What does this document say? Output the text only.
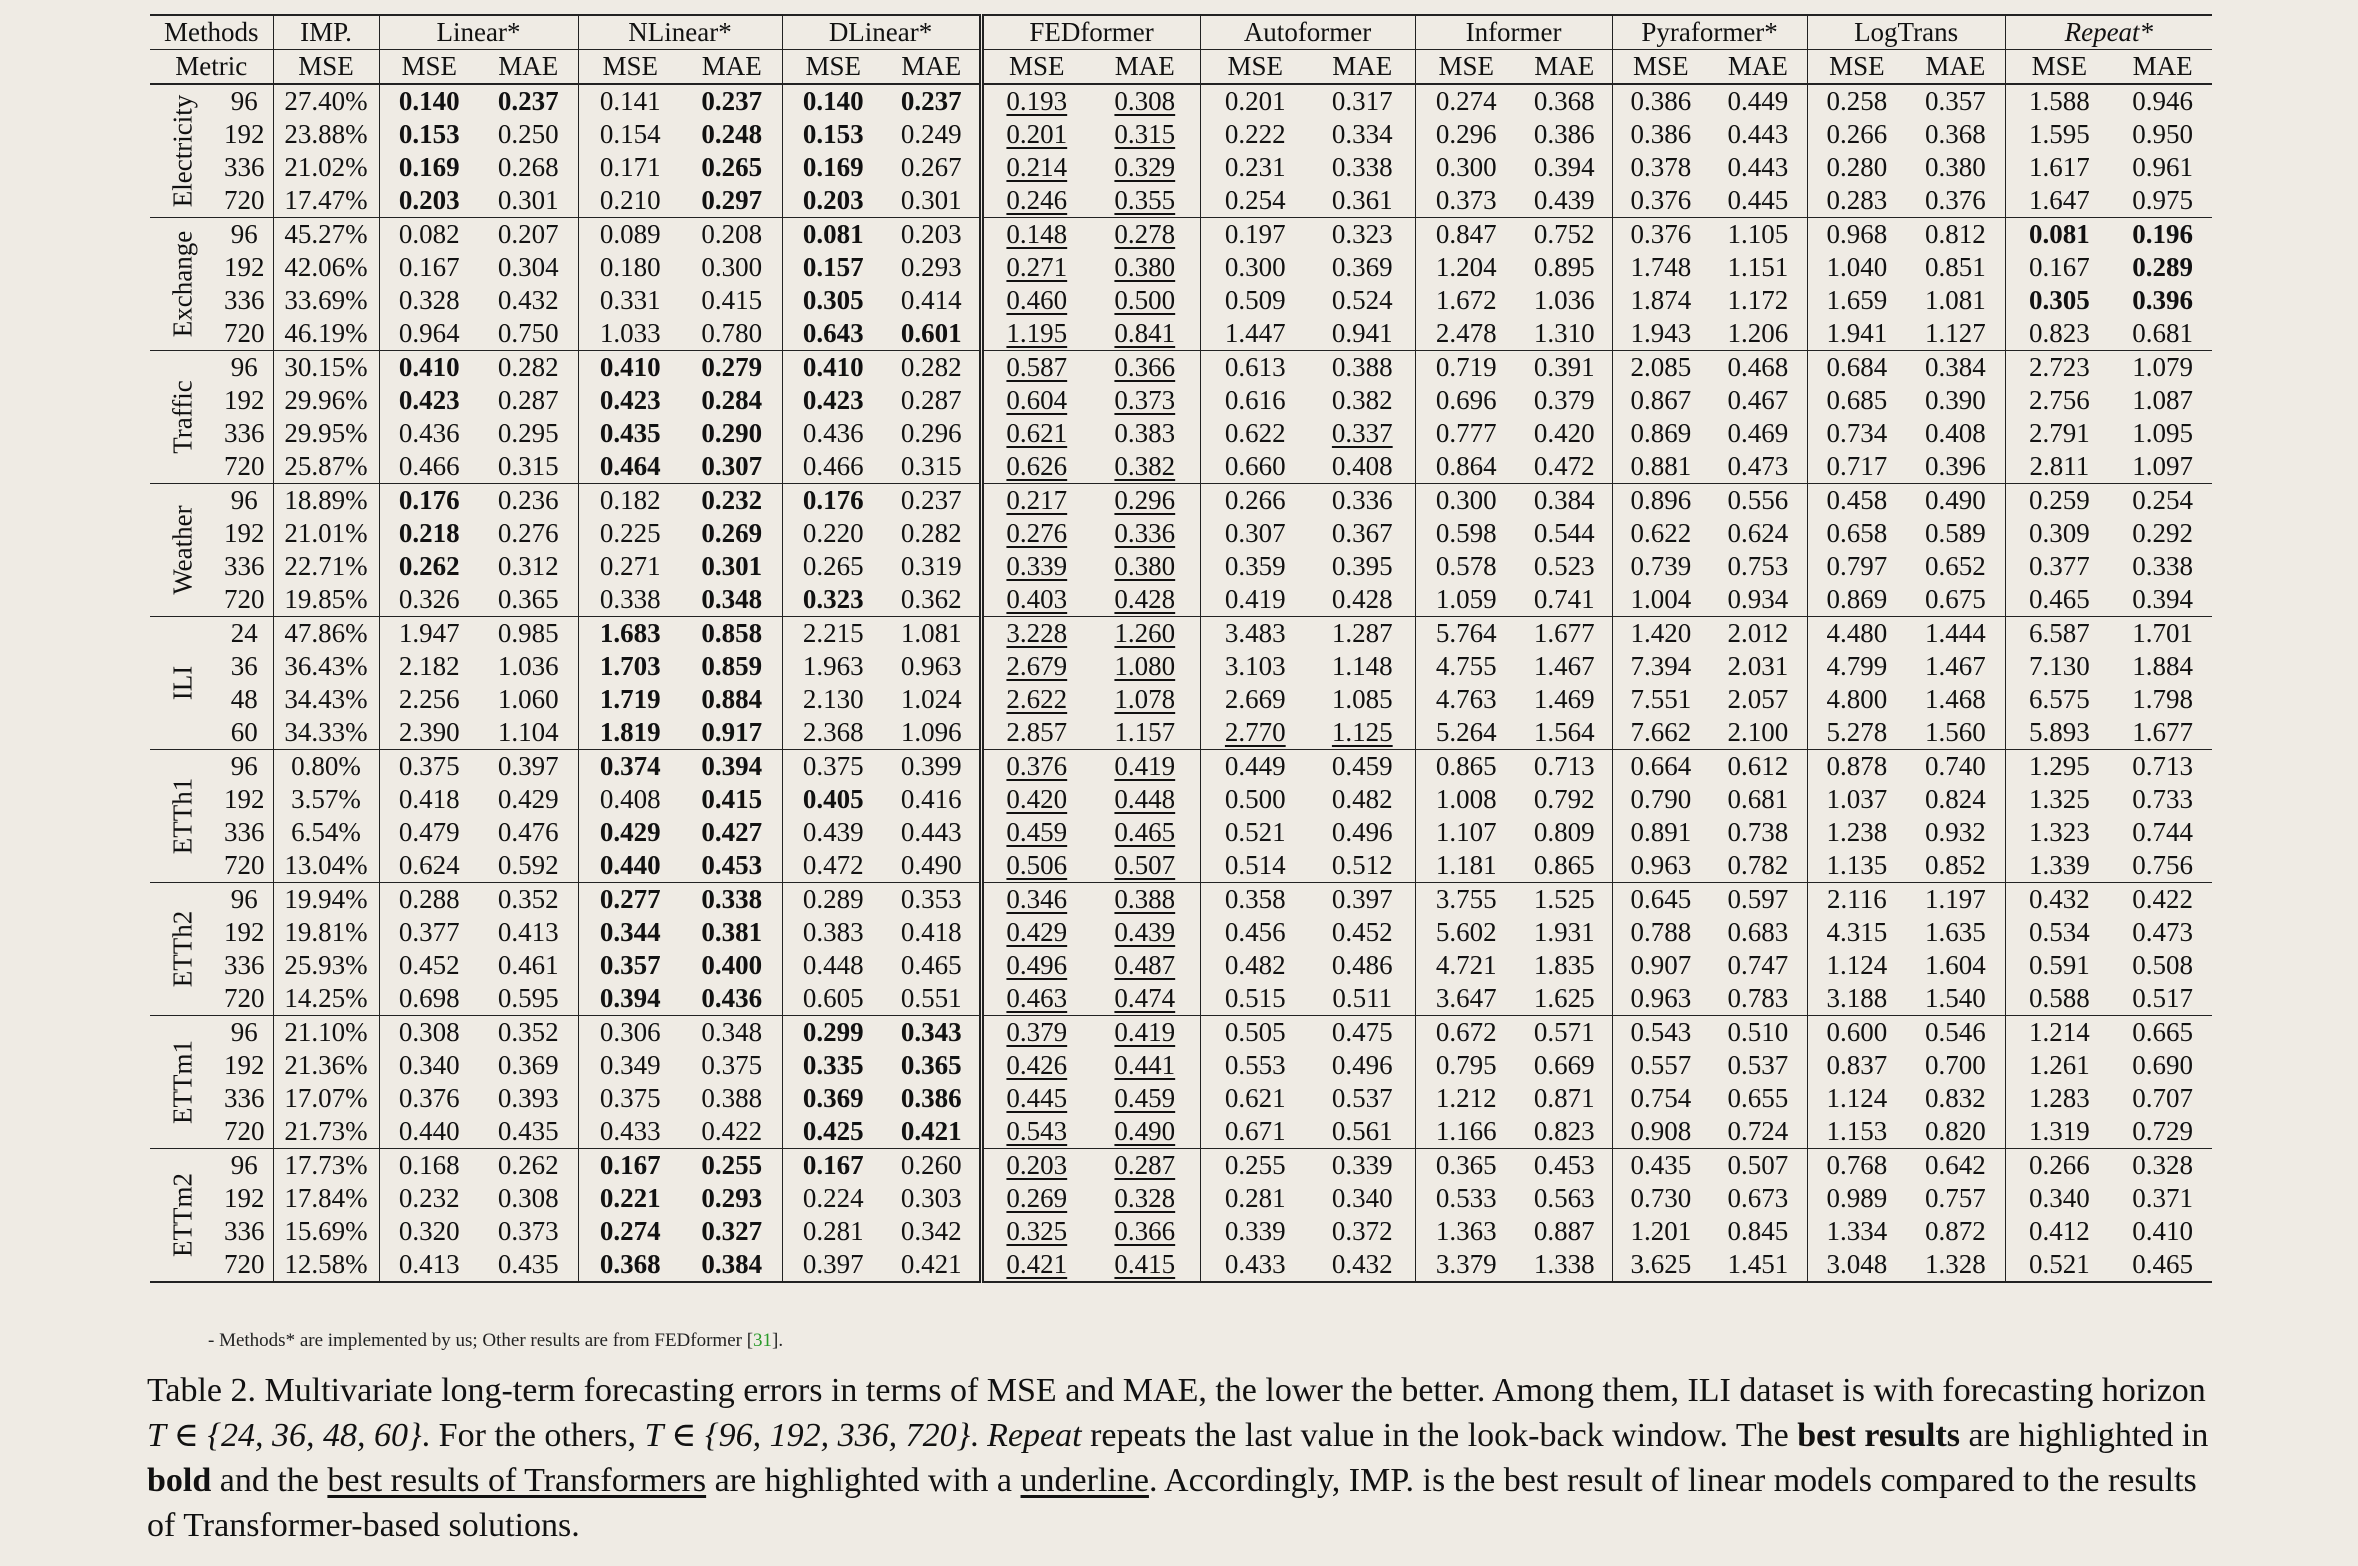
Methods		IMP.	Linear*		NLinear*		DLinear*		FEDformer		Autoformer		Informer		Pyraformer*		LogTrans		Repeat*	
Metric		MSE	MSE	MAE	MSE	MAE	MSE	MAE	MSE	MAE	MSE	MAE	MSE	MAE	MSE	MAE	MSE	MAE	MSE	MAE

Electricity	96	27.40%	0.140	0.237	0.141	0.237	0.140	0.237	0.193	0.308	0.201	0.317	0.274	0.368	0.386	0.449	0.258	0.357	1.588	0.946
	192	23.88%	0.153	0.250	0.154	0.248	0.153	0.249	0.201	0.315	0.222	0.334	0.296	0.386	0.386	0.443	0.266	0.368	1.595	0.950
	336	21.02%	0.169	0.268	0.171	0.265	0.169	0.267	0.214	0.329	0.231	0.338	0.300	0.394	0.378	0.443	0.280	0.380	1.617	0.961
	720	17.47%	0.203	0.301	0.210	0.297	0.203	0.301	0.246	0.355	0.254	0.361	0.373	0.439	0.376	0.445	0.283	0.376	1.647	0.975

Exchange	96	45.27%	0.082	0.207	0.089	0.208	0.081	0.203	0.148	0.278	0.197	0.323	0.847	0.752	0.376	1.105	0.968	0.812	0.081	0.196
	192	42.06%	0.167	0.304	0.180	0.300	0.157	0.293	0.271	0.380	0.300	0.369	1.204	0.895	1.748	1.151	1.040	0.851	0.167	0.289
	336	33.69%	0.328	0.432	0.331	0.415	0.305	0.414	0.460	0.500	0.509	0.524	1.672	1.036	1.874	1.172	1.659	1.081	0.305	0.396
	720	46.19%	0.964	0.750	1.033	0.780	0.643	0.601	1.195	0.841	1.447	0.941	2.478	1.310	1.943	1.206	1.941	1.127	0.823	0.681

Traffic	96	30.15%	0.410	0.282	0.410	0.279	0.410	0.282	0.587	0.366	0.613	0.388	0.719	0.391	2.085	0.468	0.684	0.384	2.723	1.079
	192	29.96%	0.423	0.287	0.423	0.284	0.423	0.287	0.604	0.373	0.616	0.382	0.696	0.379	0.867	0.467	0.685	0.390	2.756	1.087
	336	29.95%	0.436	0.295	0.435	0.290	0.436	0.296	0.621	0.383	0.622	0.337	0.777	0.420	0.869	0.469	0.734	0.408	2.791	1.095
	720	25.87%	0.466	0.315	0.464	0.307	0.466	0.315	0.626	0.382	0.660	0.408	0.864	0.472	0.881	0.473	0.717	0.396	2.811	1.097

Weather	96	18.89%	0.176	0.236	0.182	0.232	0.176	0.237	0.217	0.296	0.266	0.336	0.300	0.384	0.896	0.556	0.458	0.490	0.259	0.254
	192	21.01%	0.218	0.276	0.225	0.269	0.220	0.282	0.276	0.336	0.307	0.367	0.598	0.544	0.622	0.624	0.658	0.589	0.309	0.292
	336	22.71%	0.262	0.312	0.271	0.301	0.265	0.319	0.339	0.380	0.359	0.395	0.578	0.523	0.739	0.753	0.797	0.652	0.377	0.338
	720	19.85%	0.326	0.365	0.338	0.348	0.323	0.362	0.403	0.428	0.419	0.428	1.059	0.741	1.004	0.934	0.869	0.675	0.465	0.394

ILI	24	47.86%	1.947	0.985	1.683	0.858	2.215	1.081	3.228	1.260	3.483	1.287	5.764	1.677	1.420	2.012	4.480	1.444	6.587	1.701
	36	36.43%	2.182	1.036	1.703	0.859	1.963	0.963	2.679	1.080	3.103	1.148	4.755	1.467	7.394	2.031	4.799	1.467	7.130	1.884
	48	34.43%	2.256	1.060	1.719	0.884	2.130	1.024	2.622	1.078	2.669	1.085	4.763	1.469	7.551	2.057	4.800	1.468	6.575	1.798
	60	34.33%	2.390	1.104	1.819	0.917	2.368	1.096	2.857	1.157	2.770	1.125	5.264	1.564	7.662	2.100	5.278	1.560	5.893	1.677

ETTh1	96	0.80%	0.375	0.397	0.374	0.394	0.375	0.399	0.376	0.419	0.449	0.459	0.865	0.713	0.664	0.612	0.878	0.740	1.295	0.713
	192	3.57%	0.418	0.429	0.408	0.415	0.405	0.416	0.420	0.448	0.500	0.482	1.008	0.792	0.790	0.681	1.037	0.824	1.325	0.733
	336	6.54%	0.479	0.476	0.429	0.427	0.439	0.443	0.459	0.465	0.521	0.496	1.107	0.809	0.891	0.738	1.238	0.932	1.323	0.744
	720	13.04%	0.624	0.592	0.440	0.453	0.472	0.490	0.506	0.507	0.514	0.512	1.181	0.865	0.963	0.782	1.135	0.852	1.339	0.756

ETTh2	96	19.94%	0.288	0.352	0.277	0.338	0.289	0.353	0.346	0.388	0.358	0.397	3.755	1.525	0.645	0.597	2.116	1.197	0.432	0.422
	192	19.81%	0.377	0.413	0.344	0.381	0.383	0.418	0.429	0.439	0.456	0.452	5.602	1.931	0.788	0.683	4.315	1.635	0.534	0.473
	336	25.93%	0.452	0.461	0.357	0.400	0.448	0.465	0.496	0.487	0.482	0.486	4.721	1.835	0.907	0.747	1.124	1.604	0.591	0.508
	720	14.25%	0.698	0.595	0.394	0.436	0.605	0.551	0.463	0.474	0.515	0.511	3.647	1.625	0.963	0.783	3.188	1.540	0.588	0.517

ETTm1	96	21.10%	0.308	0.352	0.306	0.348	0.299	0.343	0.379	0.419	0.505	0.475	0.672	0.571	0.543	0.510	0.600	0.546	1.214	0.665
	192	21.36%	0.340	0.369	0.349	0.375	0.335	0.365	0.426	0.441	0.553	0.496	0.795	0.669	0.557	0.537	0.837	0.700	1.261	0.690
	336	17.07%	0.376	0.393	0.375	0.388	0.369	0.386	0.445	0.459	0.621	0.537	1.212	0.871	0.754	0.655	1.124	0.832	1.283	0.707
	720	21.73%	0.440	0.435	0.433	0.422	0.425	0.421	0.543	0.490	0.671	0.561	1.166	0.823	0.908	0.724	1.153	0.820	1.319	0.729

ETTm2	96	17.73%	0.168	0.262	0.167	0.255	0.167	0.260	0.203	0.287	0.255	0.339	0.365	0.453	0.435	0.507	0.768	0.642	0.266	0.328
	192	17.84%	0.232	0.308	0.221	0.293	0.224	0.303	0.269	0.328	0.281	0.340	0.533	0.563	0.730	0.673	0.989	0.757	0.340	0.371
	336	15.69%	0.320	0.373	0.274	0.327	0.281	0.342	0.325	0.366	0.339	0.372	1.363	0.887	1.201	0.845	1.334	0.872	0.412	0.410
	720	12.58%	0.413	0.435	0.368	0.384	0.397	0.421	0.421	0.415	0.433	0.432	3.379	1.338	3.625	1.451	3.048	1.328	0.521	0.465
- Methods* are implemented by us; Other results are from FEDformer [31].
Table 2. Multivariate long-term forecasting errors in terms of MSE and MAE, the lower the better. Among them, ILI dataset is with forecasting horizon T ∈ {24, 36, 48, 60}. For the others, T ∈ {96, 192, 336, 720}. Repeat repeats the last value in the look-back window. The best results are highlighted in bold and the best results of Transformers are highlighted with a underline. Accordingly, IMP. is the best result of linear models compared to the results of Transformer-based solutions.
